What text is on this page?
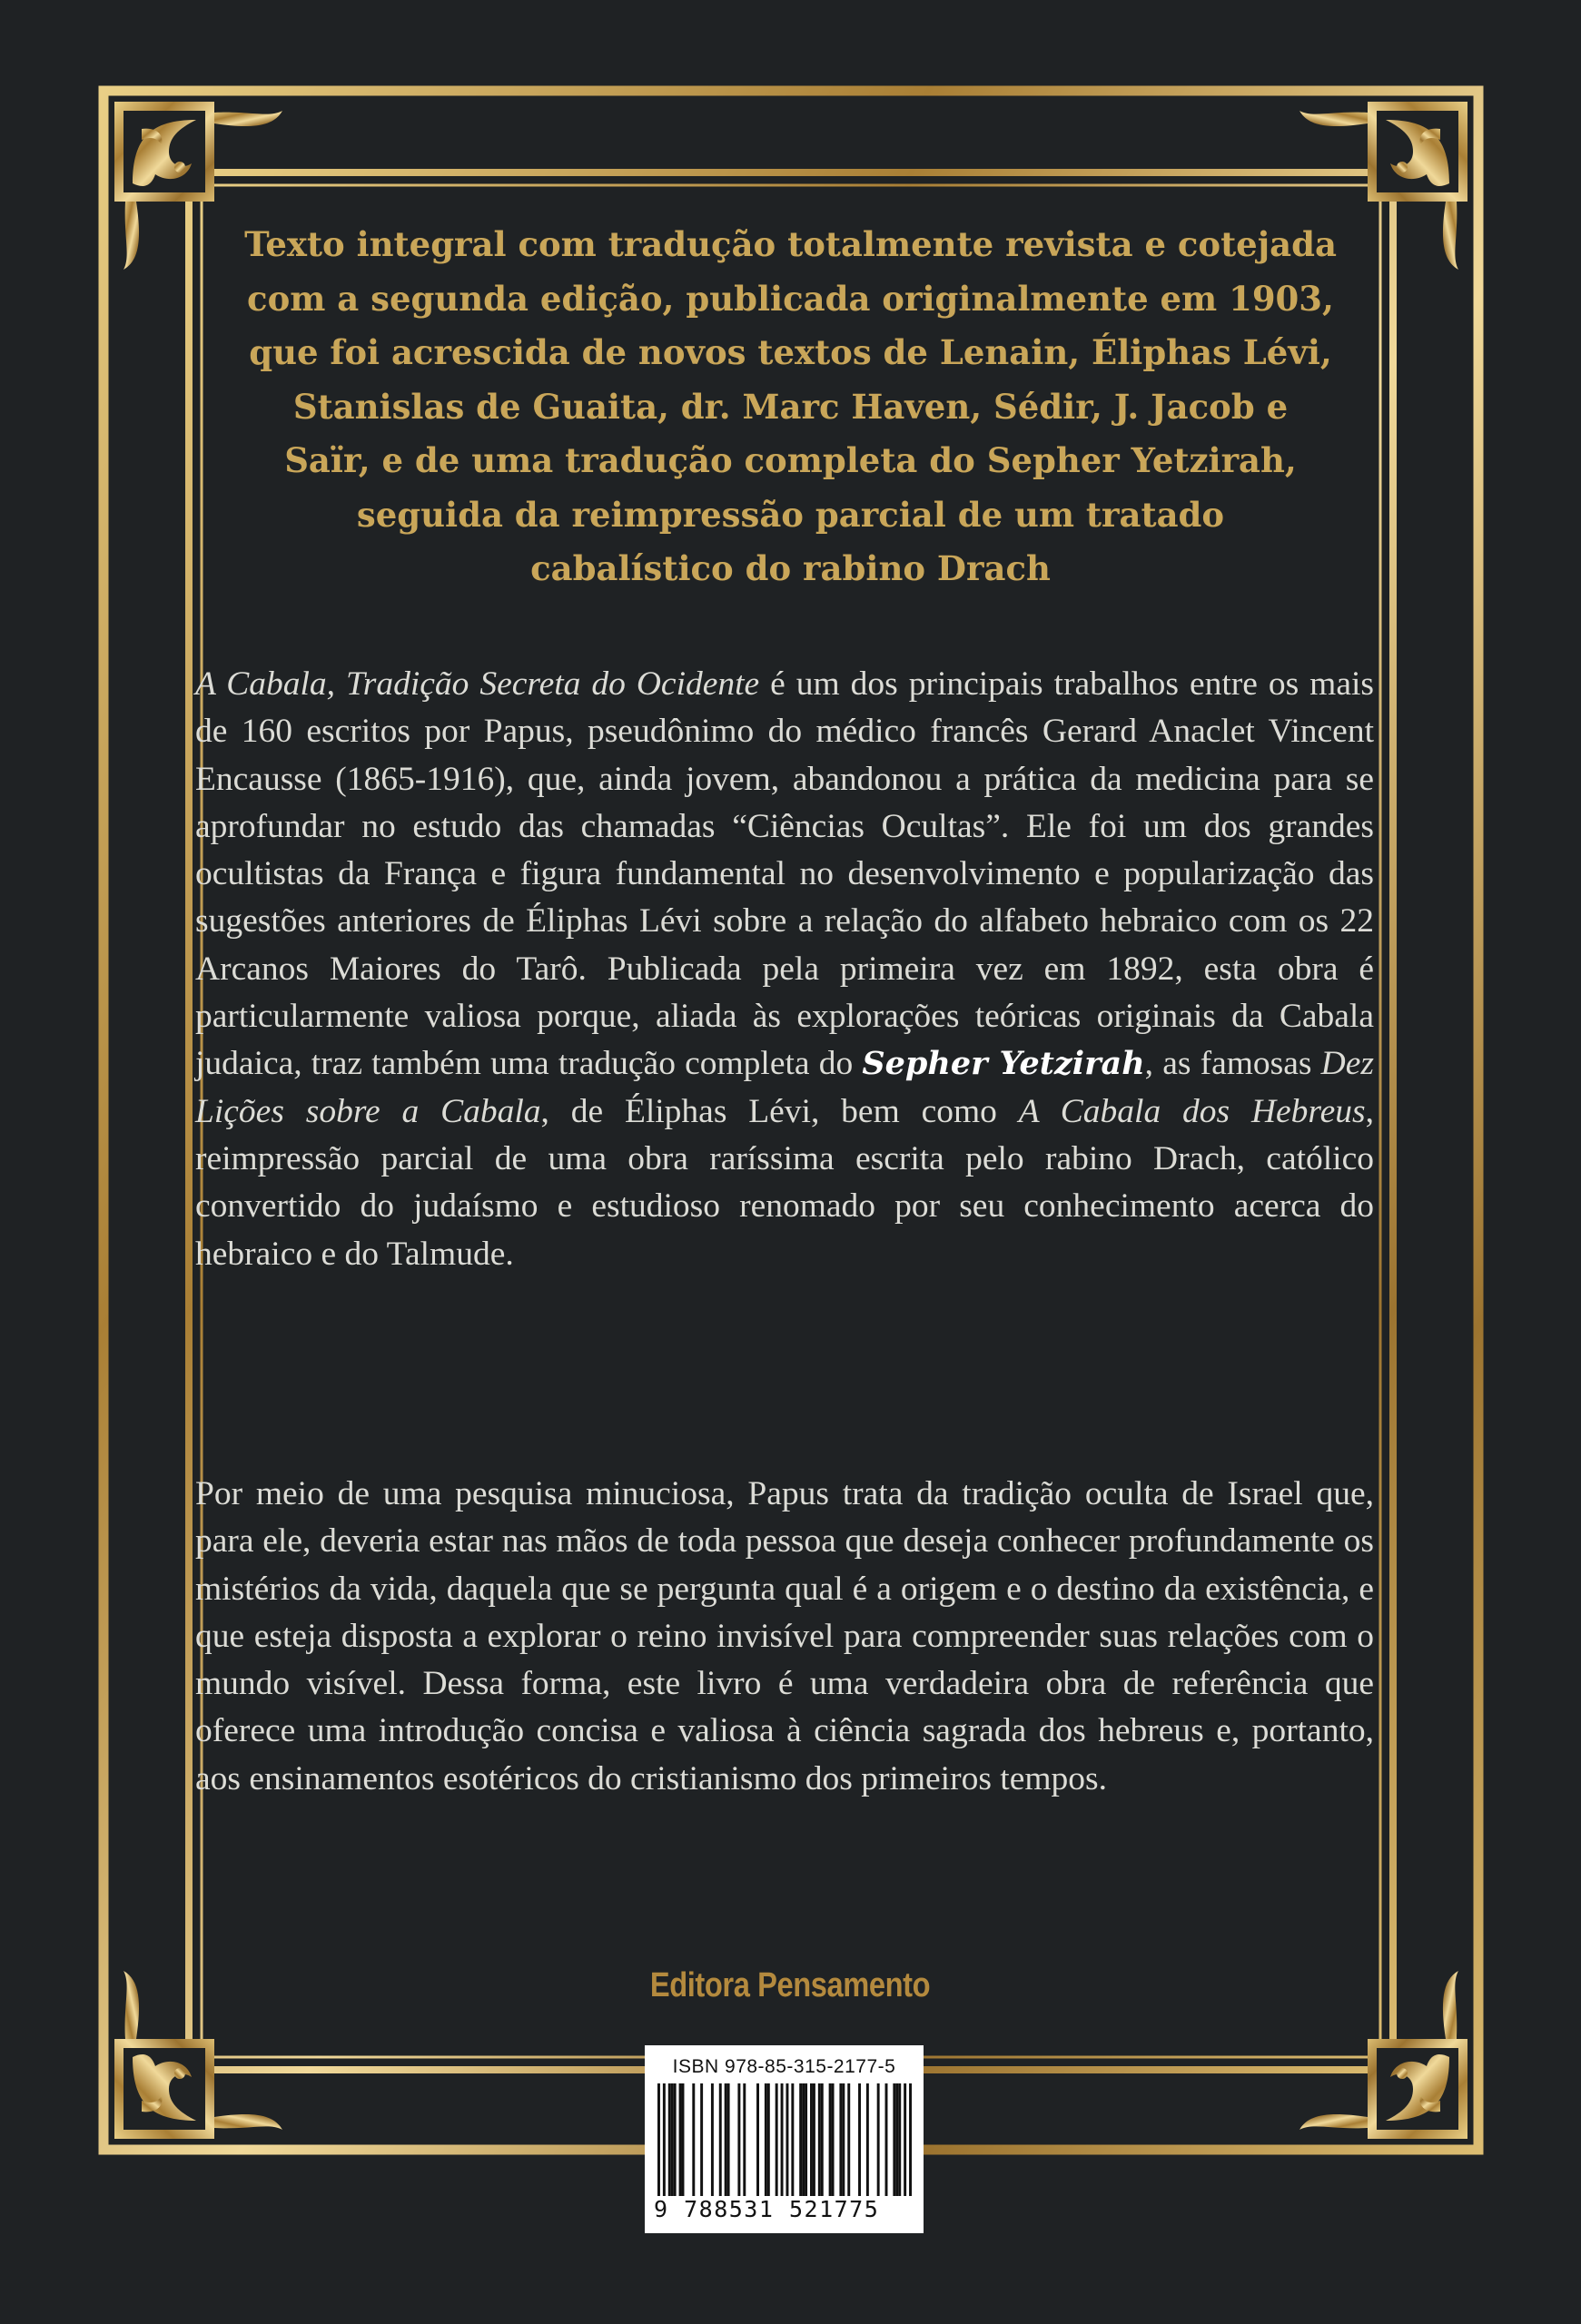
Texto integral com tradução totalmente revista e cotejada
com a segunda edição, publicada originalmente em 1903,
que foi acrescida de novos textos de Lenain, Éliphas Lévi,
Stanislas de Guaita, dr. Marc Haven, Sédir, J. Jacob e
Saïr, e de uma tradução completa do Sepher Yetzirah,
seguida da reimpressão parcial de um tratado
cabalístico do rabino Drach

A Cabala, Tradição Secreta do Ocidente é um dos principais trabalhos entre os mais de 160 escritos por Papus, pseudônimo do médico francês Gerard Anaclet Vincent Encausse (1865-1916), que, ainda jovem, abandonou a prática da medicina para se aprofundar no estudo das chamadas “Ciências Ocultas”. Ele foi um dos grandes ocultistas da França e figura fundamental no desenvolvimento e popularização das sugestões anteriores de Éliphas Lévi sobre a relação do alfabeto hebraico com os 22 Arcanos Maiores do Tarô. Publicada pela primeira vez em 1892, esta obra é particularmente valiosa porque, aliada às explorações teóricas originais da Cabala judaica, traz também uma tradução completa do Sepher Yetzirah, as famosas Dez Lições sobre a Cabala, de Éliphas Lévi, bem como A Cabala dos Hebreus, reimpressão parcial de uma obra raríssima escrita pelo rabino Drach, católico convertido do judaísmo e estudioso renomado por seu conhecimento acerca do hebraico e do Talmude.

Por meio de uma pesquisa minuciosa, Papus trata da tradição oculta de Israel que, para ele, deveria estar nas mãos de toda pessoa que deseja conhecer profundamente os mistérios da vida, daquela que se pergunta qual é a origem e o destino da existência, e que esteja disposta a explorar o reino invisível para compreender suas relações com o mundo visível. Dessa forma, este livro é uma verdadeira obra de referência que oferece uma introdução concisa e valiosa à ciência sagrada dos hebreus e, portanto, aos ensinamentos esotéricos do cristianismo dos primeiros tempos.

Editora Pensamento
ISBN 978-85-315-2177-5
9 788531 521775
